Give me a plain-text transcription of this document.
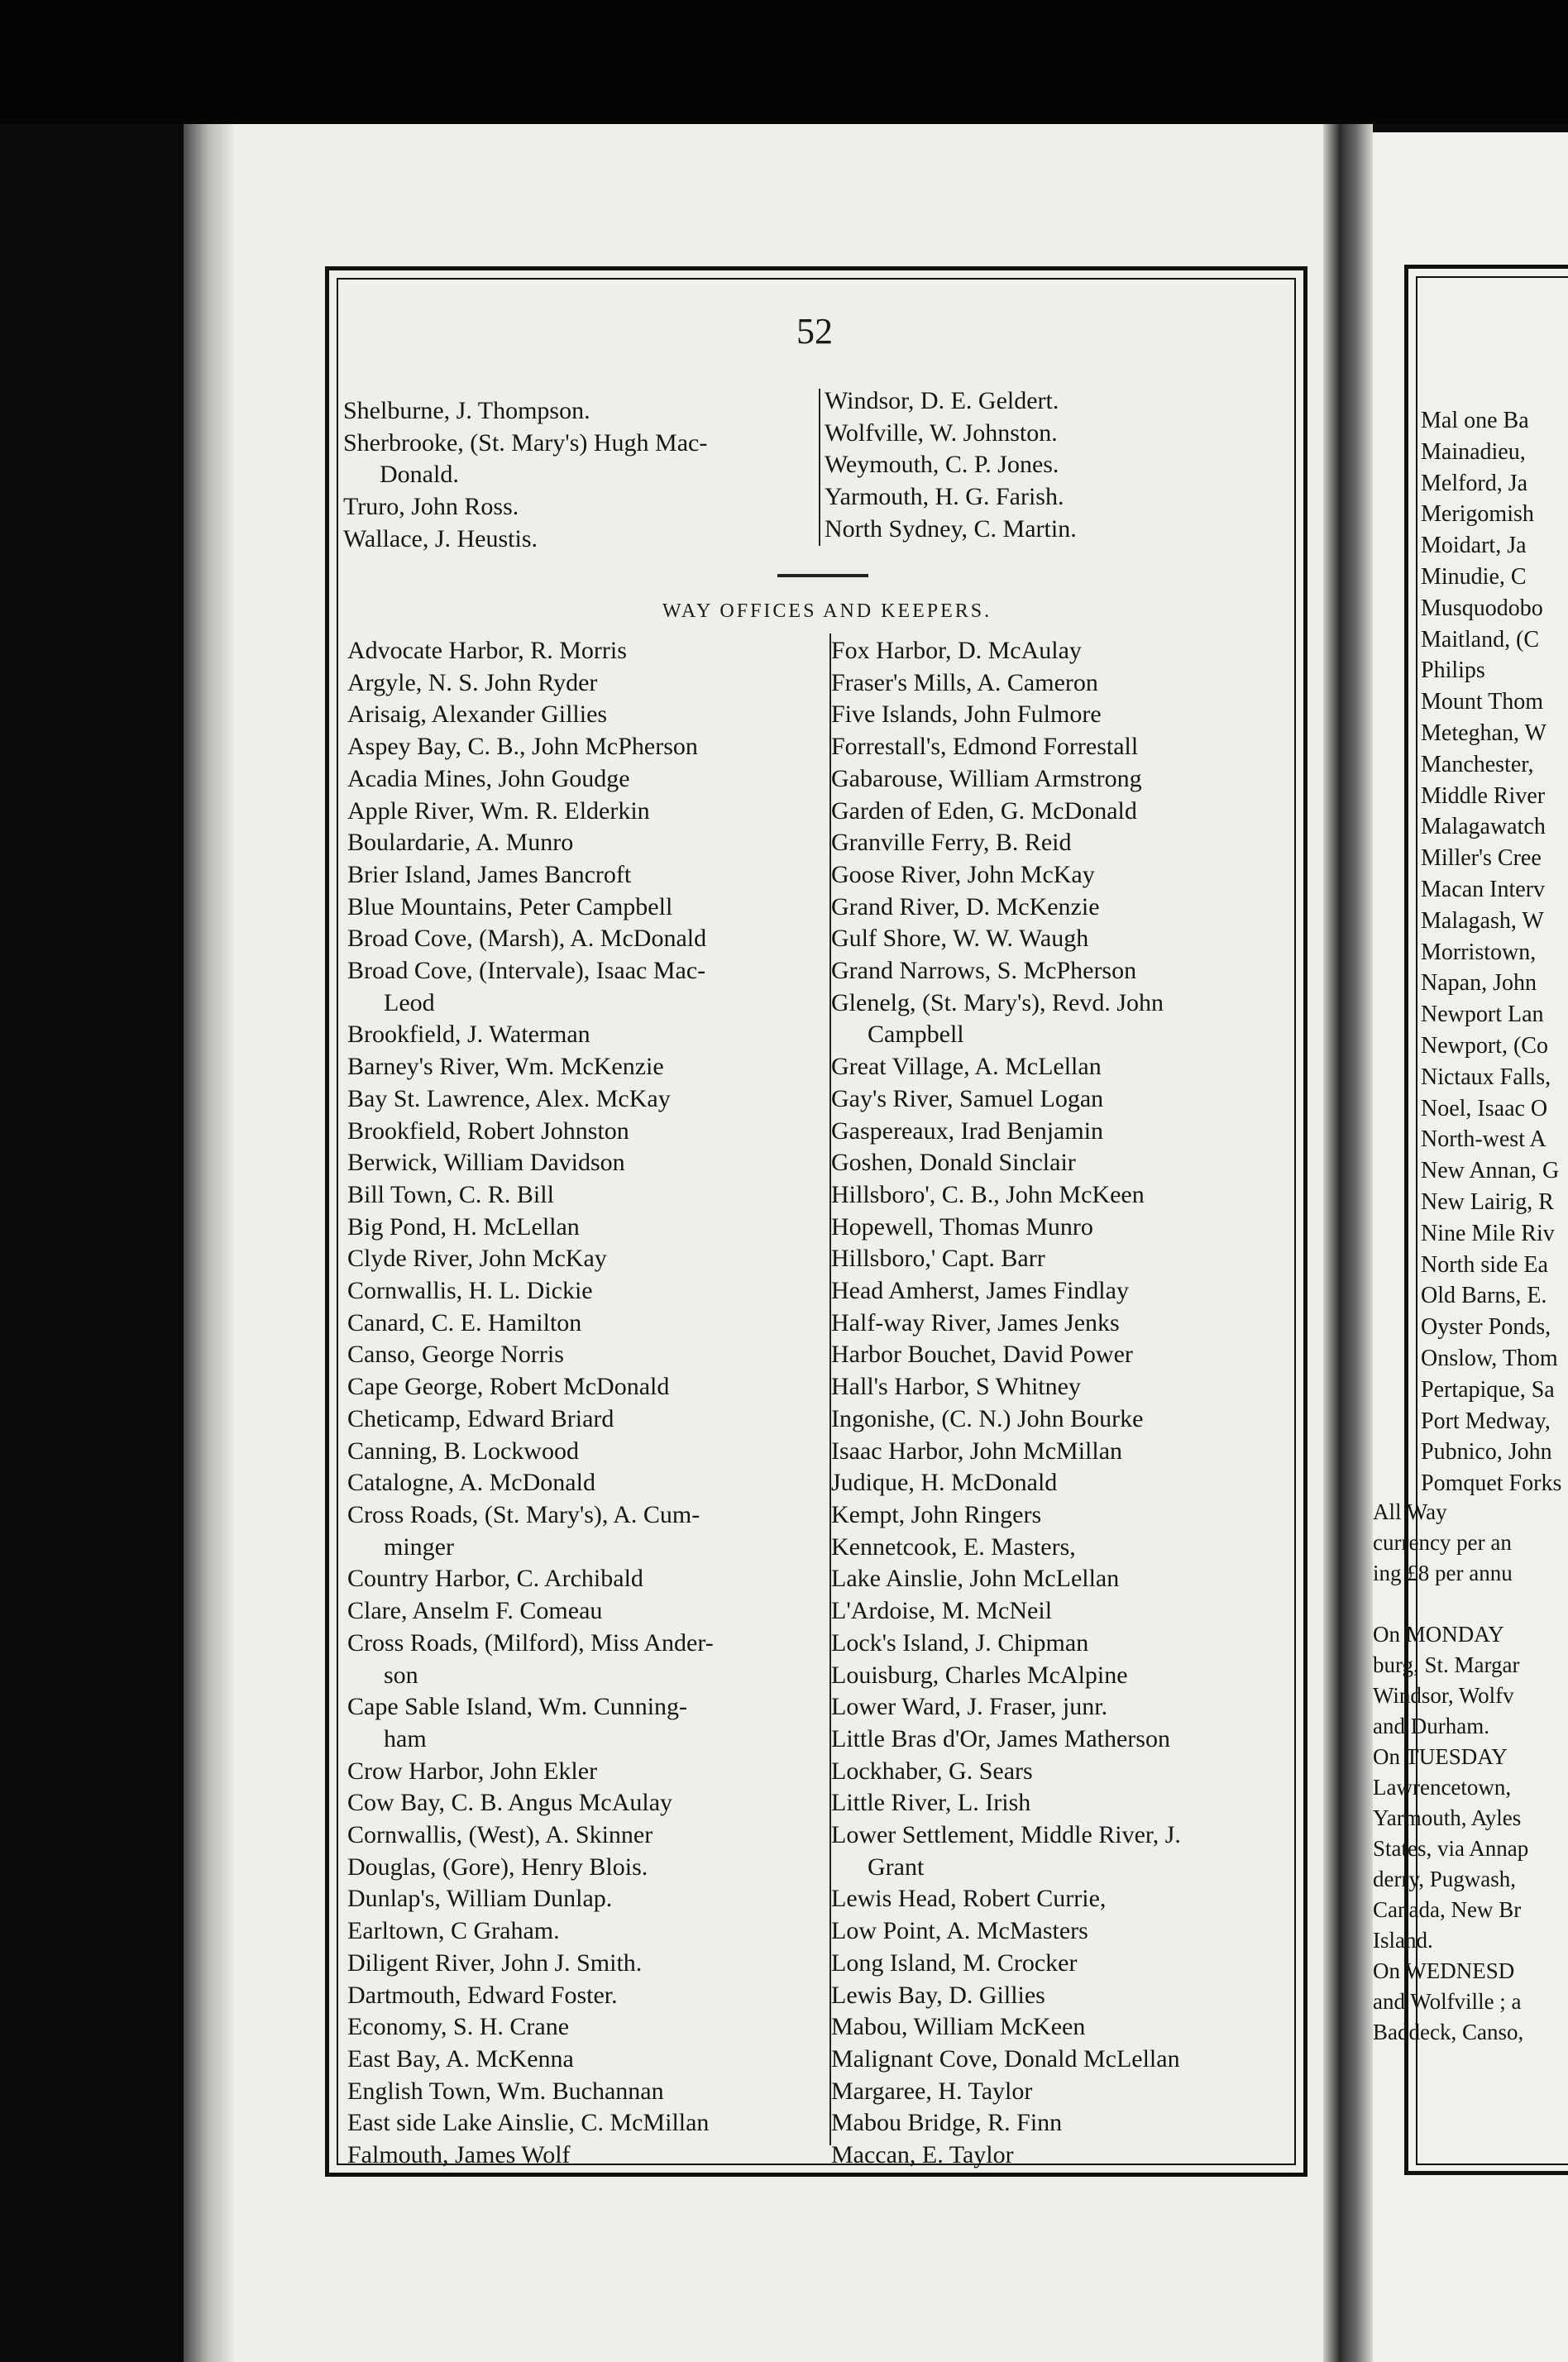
52
Shelburne, J. Thompson.
Sherbrooke, (St. Mary's) Hugh Mac-
Donald.
Truro, John Ross.
Wallace, J. Heustis.
Windsor, D. E. Geldert.
Wolfville, W. Johnston.
Weymouth, C. P. Jones.
Yarmouth, H. G. Farish.
North Sydney, C. Martin.
WAY OFFICES AND KEEPERS.
Advocate Harbor, R. Morris
Argyle, N. S. John Ryder
Arisaig, Alexander Gillies
Aspey Bay, C. B., John McPherson
Acadia Mines, John Goudge
Apple River, Wm. R. Elderkin
Boulardarie, A. Munro
Brier Island, James Bancroft
Blue Mountains, Peter Campbell
Broad Cove, (Marsh), A. McDonald
Broad Cove, (Intervale), Isaac Mac-
Leod
Brookfield, J. Waterman
Barney's River, Wm. McKenzie
Bay St. Lawrence, Alex. McKay
Brookfield, Robert Johnston
Berwick, William Davidson
Bill Town, C. R. Bill
Big Pond, H. McLellan
Clyde River, John McKay
Cornwallis, H. L. Dickie
Canard, C. E. Hamilton
Canso, George Norris
Cape George, Robert McDonald
Cheticamp, Edward Briard
Canning, B. Lockwood
Catalogne, A. McDonald
Cross Roads, (St. Mary's), A. Cum-
minger
Country Harbor, C. Archibald
Clare, Anselm F. Comeau
Cross Roads, (Milford), Miss Ander-
son
Cape Sable Island, Wm. Cunning-
ham
Crow Harbor, John Ekler
Cow Bay, C. B. Angus McAulay
Cornwallis, (West), A. Skinner
Douglas, (Gore), Henry Blois.
Dunlap's, William Dunlap.
Earltown, C Graham.
Diligent River, John J. Smith.
Dartmouth, Edward Foster.
Economy, S. H. Crane
East Bay, A. McKenna
English Town, Wm. Buchannan
East side Lake Ainslie, C. McMillan
Falmouth, James Wolf
Fox Harbor, D. McAulay
Fraser's Mills, A. Cameron
Five Islands, John Fulmore
Forrestall's, Edmond Forrestall
Gabarouse, William Armstrong
Garden of Eden, G. McDonald
Granville Ferry, B. Reid
Goose River, John McKay
Grand River, D. McKenzie
Gulf Shore, W. W. Waugh
Grand Narrows, S. McPherson
Glenelg, (St. Mary's), Revd. John
Campbell
Great Village, A. McLellan
Gay's River, Samuel Logan
Gaspereaux, Irad Benjamin
Goshen, Donald Sinclair
Hillsboro', C. B., John McKeen
Hopewell, Thomas Munro
Hillsboro,' Capt. Barr
Head Amherst, James Findlay
Half-way River, James Jenks
Harbor Bouchet, David Power
Hall's Harbor, S Whitney
Ingonishe, (C. N.) John Bourke
Isaac Harbor, John McMillan
Judique, H. McDonald
Kempt, John Ringers
Kennetcook, E. Masters,
Lake Ainslie, John McLellan
L'Ardoise, M. McNeil
Lock's Island, J. Chipman
Louisburg, Charles McAlpine
Lower Ward, J. Fraser, junr.
Little Bras d'Or, James Matherson
Lockhaber, G. Sears
Little River, L. Irish
Lower Settlement, Middle River, J.
Grant
Lewis Head, Robert Currie,
Low Point, A. McMasters
Long Island, M. Crocker
Lewis Bay, D. Gillies
Mabou, William McKeen
Malignant Cove, Donald McLellan
Margaree, H. Taylor
Mabou Bridge, R. Finn
Maccan, E. Taylor
Mal one Ba
Mainadieu,
Melford, Ja
Merigomish
Moidart, Ja
Minudie, C
Musquodobo
Maitland, (C
Philips
Mount Thom
Meteghan, W
Manchester,
Middle River
Malagawatch
Miller's Cree
Macan Interv
Malagash, W
Morristown,
Napan, John
Newport Lan
Newport, (Co
Nictaux Falls,
Noel, Isaac O
North-west A
New Annan, G
New Lairig, R
Nine Mile Riv
North side Ea
Old Barns, E.
Oyster Ponds,
Onslow, Thom
Pertapique, Sa
Port Medway,
Pubnico, John
Pomquet Forks
All Way
currency per an
ing £8 per annu

On MONDAY
burg, St. Margar
Windsor, Wolfv
and Durham.
On TUESDAY
Lawrencetown,
Yarmouth, Ayles
States, via Annap
derry, Pugwash,
Canada, New Br
Island.
On WEDNESD
and Wolfville ; a
Baddeck, Canso,
